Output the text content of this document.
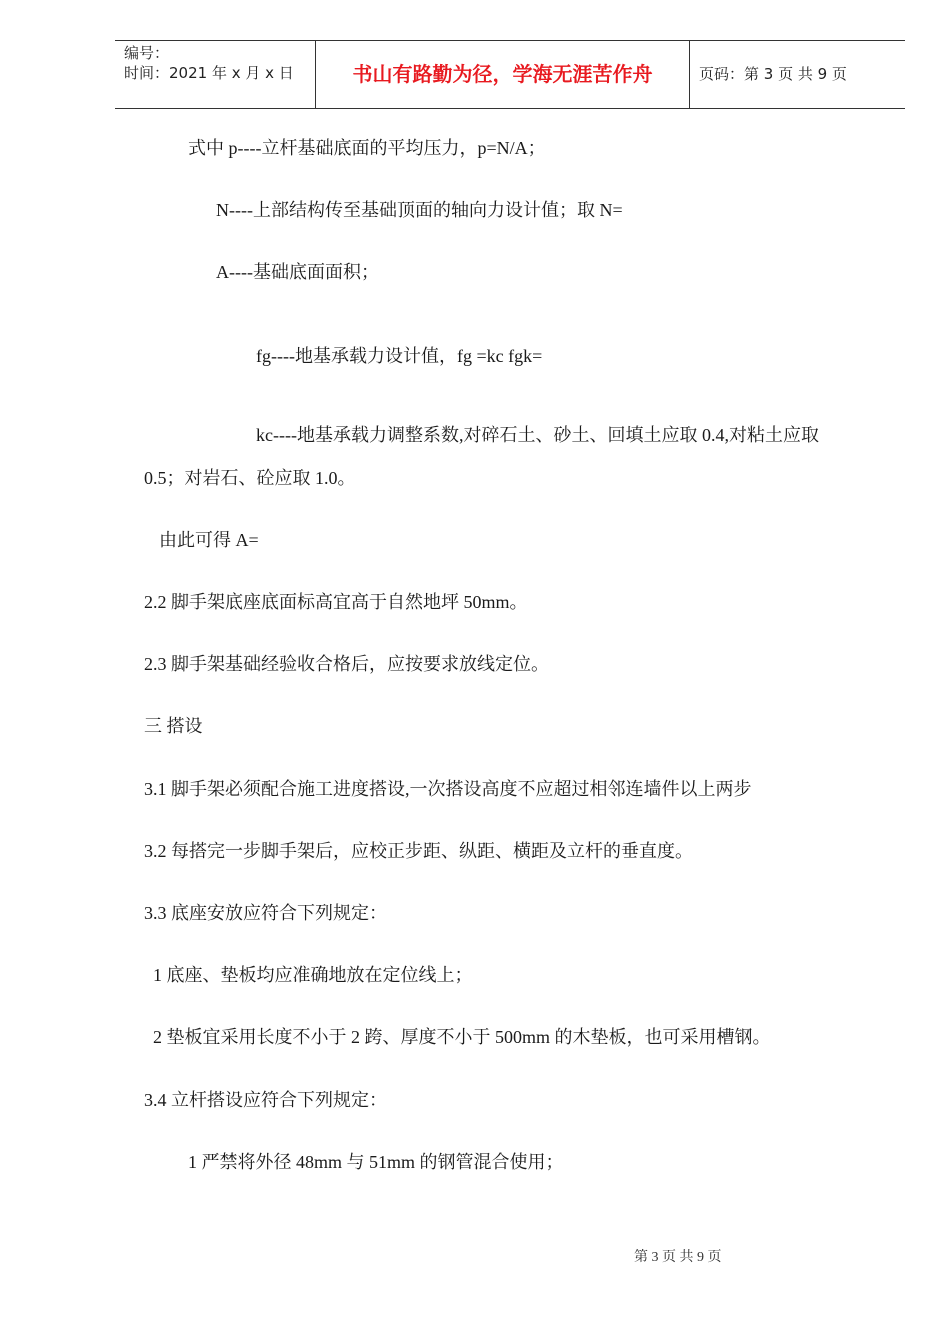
编号：
时间：2021 年 x 月 x 日	书山有路勤为径，学海无涯苦作舟	页码：第 3 页 共 9 页
式中 p----立杆基础底面的平均压力，p=N/A；
N----上部结构传至基础顶面的轴向力设计值；取 N=
A----基础底面面积；
fg----地基承载力设计值，fg =kc fgk=
kc----地基承载力调整系数,对碎石土、砂土、回填土应取 0.4,对粘土应取
0.5；对岩石、砼应取 1.0。
由此可得 A=
2.2 脚手架底座底面标高宜高于自然地坪 50mm。
2.3 脚手架基础经验收合格后，应按要求放线定位。
三 搭设
3.1 脚手架必须配合施工进度搭设,一次搭设高度不应超过相邻连墙件以上两步
3.2 每搭完一步脚手架后，应校正步距、纵距、横距及立杆的垂直度。
3.3 底座安放应符合下列规定：
1 底座、垫板均应准确地放在定位线上；
2 垫板宜采用长度不小于 2 跨、厚度不小于 500mm 的木垫板，也可采用槽钢。
3.4 立杆搭设应符合下列规定：
1 严禁将外径 48mm 与 51mm 的钢管混合使用；
第 3 页 共 9 页
